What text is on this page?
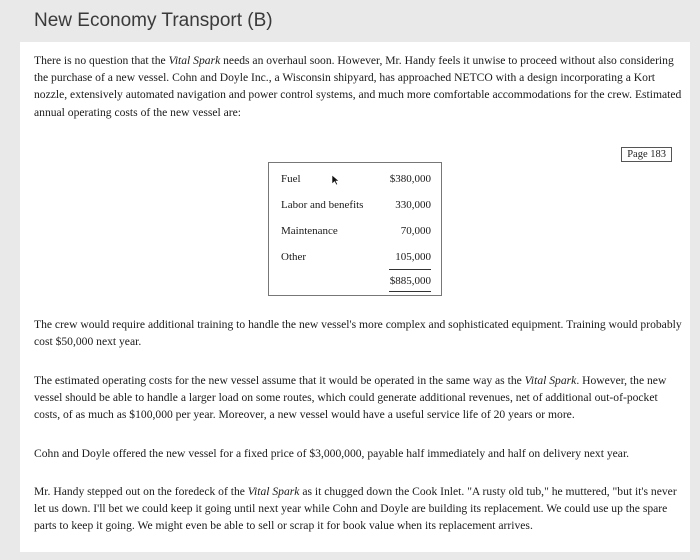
New Economy Transport (B)

There is no question that the Vital Spark needs an overhaul soon. However, Mr. Handy feels it unwise to proceed without also considering the purchase of a new vessel. Cohn and Doyle Inc., a Wisconsin shipyard, has approached NETCO with a design incorporating a Kort nozzle, extensively automated navigation and power control systems, and much more comfortable accommodations for the crew. Estimated annual operating costs of the new vessel are:

Page 183
Fuel	$380,000
Labor and benefits	330,000
Maintenance	70,000
Other	105,000
$885,000

The crew would require additional training to handle the new vessel's more complex and sophisticated equipment. Training would probably cost $50,000 next year.

The estimated operating costs for the new vessel assume that it would be operated in the same way as the Vital Spark. However, the new vessel should be able to handle a larger load on some routes, which could generate additional revenues, net of additional out-of-pocket costs, of as much as $100,000 per year. Moreover, a new vessel would have a useful service life of 20 years or more.

Cohn and Doyle offered the new vessel for a fixed price of $3,000,000, payable half immediately and half on delivery next year.

Mr. Handy stepped out on the foredeck of the Vital Spark as it chugged down the Cook Inlet. "A rusty old tub," he muttered, "but it's never let us down. I'll bet we could keep it going until next year while Cohn and Doyle are building its replacement. We could use up the spare parts to keep it going. We might even be able to sell or scrap it for book value when its replacement arrives.
